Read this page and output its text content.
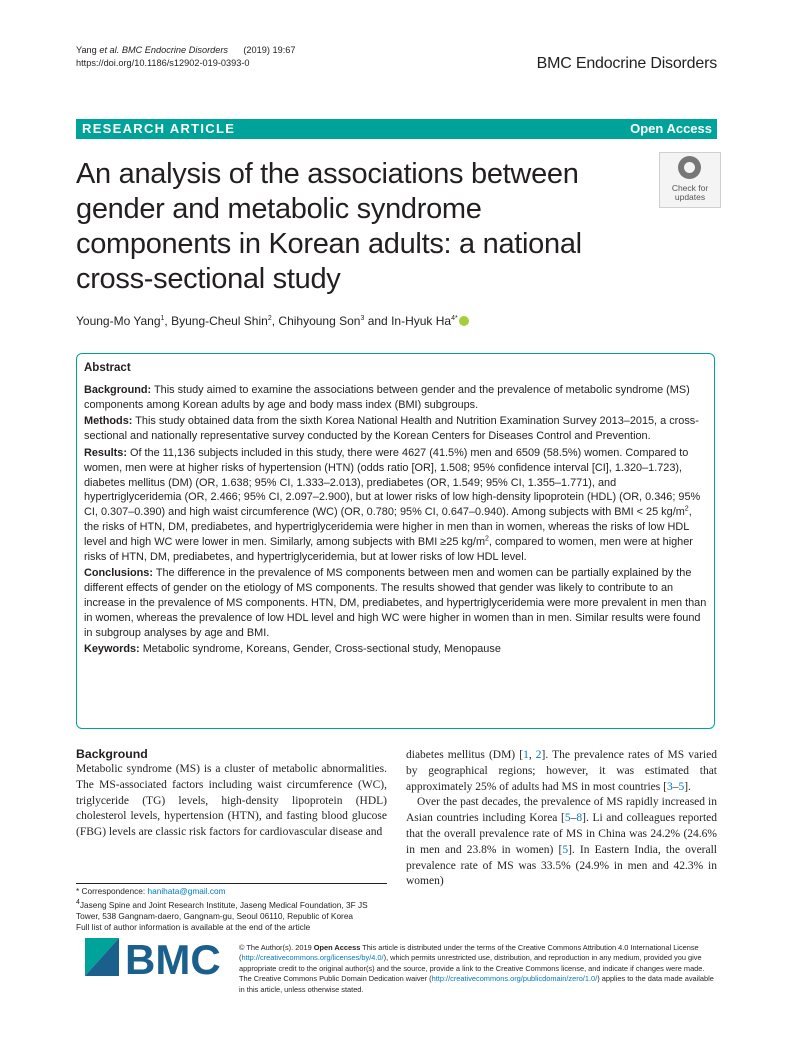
Yang et al. BMC Endocrine Disorders (2019) 19:67
https://doi.org/10.1186/s12902-019-0393-0	BMC Endocrine Disorders
RESEARCH ARTICLE	Open Access
An analysis of the associations between gender and metabolic syndrome components in Korean adults: a national cross-sectional study
Check for
updates
Young-Mo Yang$^1$, Byung-Cheul Shin$^2$, Chihyoung Son$^3$ and In-Hyuk $Ha^{4*}$

Abstract

Background: This study aimed to examine the associations between gender and the prevalence of metabolic syndrome (MS) components among Korean adults by age and body mass index (BMI) subgroups.

Methods: This study obtained data from the sixth Korea National Health and Nutrition Examination Survey 2013–2015, a cross-sectional and nationally representative survey conducted by the Korean Centers for Diseases Control and Prevention.

Results: Of the 11,136 subjects included in this study, there were 4627 (41.5%) men and 6509 (58.5%) women. Compared to women, men were at higher risks of hypertension (HTN) (odds ratio [OR], 1.508; 95% confidence interval [CI], 1.320–1.723), diabetes mellitus (DM) (OR, 1.638; 95% CI, 1.333–2.013), prediabetes (OR, 1.549; 95% CI, 1.355–1.771), and hypertriglyceridemia (OR, 2.466; 95% CI, 2.097–2.900), but at lower risks of low high-density lipoprotein (HDL) (OR, 0.346; 95% CI, 0.307–0.390) and high waist circumference (WC) (OR, 0.780; 95% CI, 0.647–0.940). Among subjects with BMI < 25 $kg/m^2$, the risks of HTN, DM, prediabetes, and hypertriglyceridemia were higher in men than in women, whereas the risks of low HDL level and high WC were lower in men. Similarly, among subjects with BMI ≥25 $kg/m^2$, compared to women, men were at higher risks of HTN, DM, prediabetes, and hypertriglyceridemia, but at lower risks of low HDL level.

Conclusions: The difference in the prevalence of MS components between men and women can be partially explained by the different effects of gender on the etiology of MS components. The results showed that gender was likely to contribute to an increase in the prevalence of MS components. HTN, DM, prediabetes, and hypertriglyceridemia were more prevalent in men than in women, whereas the prevalence of low HDL level and high WC were higher in women than in men. Similar results were found in subgroup analyses by age and BMI.

Keywords: Metabolic syndrome, Koreans, Gender, Cross-sectional study, Menopause

Background

Metabolic syndrome (MS) is a cluster of metabolic abnormalities. The MS-associated factors including waist circumference (WC), triglyceride (TG) levels, high-density lipoprotein (HDL) cholesterol levels, hypertension (HTN), and fasting blood glucose (FBG) levels are classic risk factors for cardiovascular disease and

diabetes mellitus (DM) [1, 2]. The prevalence rates of MS varied by geographical regions; however, it was estimated that approximately 25% of adults had MS in most countries [3–5].

Over the past decades, the prevalence of MS rapidly increased in Asian countries including Korea [5–8]. Li and colleagues reported that the overall prevalence rate of MS in China was 24.2% (24.6% in men and 23.8% in women) [5]. In Eastern India, the overall prevalence rate of MS was 33.5% (24.9% in men and 42.3% in women)

* Correspondence: hanihata@gmail.com

$^4$Jaseng Spine and Joint Research Institute, Jaseng Medical Foundation, 3F JS Tower, 538 Gangnam-daero, Gangnam-gu, Seoul 06110, Republic of Korea

Full list of author information is available at the end of the article

BMC © The Author(s). 2019 Open Access This article is distributed under the terms of the Creative Commons Attribution 4.0 International License (http://creativecommons.org/licenses/by/4.0/), which permits unrestricted use, distribution, and reproduction in any medium, provided you give appropriate credit to the original author(s) and the source, provide a link to the Creative Commons license, and indicate if changes were made. The Creative Commons Public Domain Dedication waiver (http://creativecommons.org/publicdomain/zero/1.0/) applies to the data made available in this article, unless otherwise stated.
